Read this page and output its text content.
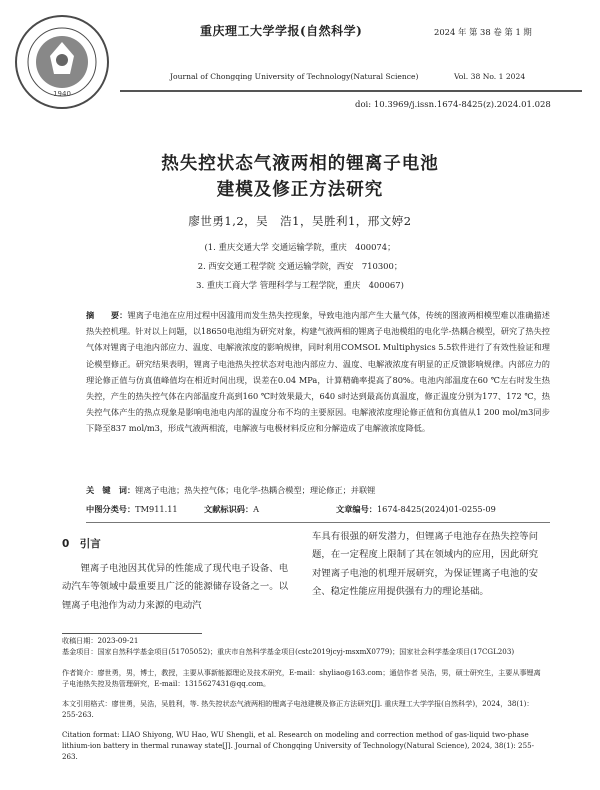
1940
重庆理工大学学报(自然科学)
Journal of Chongqing University of Technology(Natural Science)
2024 年 第 38 卷 第 1 期
Vol. 38 No. 1 2024
doi: 10.3969/j.issn.1674-8425(z).2024.01.028
热失控状态气液两相的锂离子电池
建模及修正方法研究
廖世勇1,2，吴　浩1，吴胜利1，邢文婷2
(1. 重庆交通大学 交通运输学院，重庆　400074；
2. 西安交通工程学院 交通运输学院，西安　710300；
3. 重庆工商大学 管理科学与工程学院，重庆　400067)
摘　　要：锂离子电池在应用过程中因滥用而发生热失控现象，导致电池内部产生大量气体，传统的图液两相模型难以准确描述热失控机理。针对以上问题，以18650电池组为研究对象，构建气液两相的锂离子电池模组的电化学-热耦合模型，研究了热失控气体对锂离子电池内部应力、温度、电解液浓度的影响规律，同时利用COMSOL Multiphysics 5.5软件进行了有效性验证和理论模型修正。研究结果表明，锂离子电池热失控状态对电池内部应力、温度、电解液浓度有明显的正反馈影响规律。内部应力的理论修正值与仿真值峰值均在相近时间出现，误差在0.04 MPa，计算精确率提高了80%。电池内部温度在60 ℃左右时发生热失控，产生的热失控气体在内部温度升高到160 ℃时效果最大，640 s时达到最高仿真温度，修正温度分别为177、172 ℃，热失控气体产生的热点现象是影响电池电内部的温度分布不均的主要原因。电解液浓度理论修正值和仿真值从1 200 mol/m3同步下降至837 mol/m3，形成气液两相流，电解液与电极材料反应和分解造成了电解液浓度降低。
关　键　词：锂离子电池；热失控气体；电化学-热耦合模型；理论修正；并联锂
中图分类号：TM911.11	文献标识码：A	文章编号：1674-8425(2024)01-0255-09
0　引言
锂离子电池因其优异的性能成了现代电子设备、电动汽车等领域中最重要且广泛的能源储存设备之一。以锂离子电池作为动力来源的电动汽
车具有很强的研发潜力，但锂离子电池存在热失控等问题，在一定程度上限制了其在领域内的应用，因此研究对锂离子电池的机理开展研究，为保证锂离子电池的安全、稳定性能应用提供强有力的理论基础。
收稿日期：2023-09-21
基金项目：国家自然科学基金项目(51705052)；重庆市自然科学基金项目(cstc2019jcyj-msxmX0779)；国家社会科学基金项目(17CGL203)
作者简介：廖世勇，男，博士，教授，主要从事新能源理论及技术研究，E-mail：shyliao@163.com；通信作者 吴浩，男，硕士研究生，主要从事锂离子电池热失控及热管理研究，E-mail：1315627431@qq.com。
本文引用格式：廖世勇，吴浩，吴胜利，等. 热失控状态气液两相的锂离子电池建模及修正方法研究[J]. 重庆理工大学学报(自然科学)，2024，38(1)：255-263.
Citation format: LIAO Shiyong, WU Hao, WU Shengli, et al. Research on modeling and correction method of gas-liquid two-phase lithium-ion battery in thermal runaway state[J]. Journal of Chongqing University of Technology(Natural Science), 2024, 38(1): 255-263.
